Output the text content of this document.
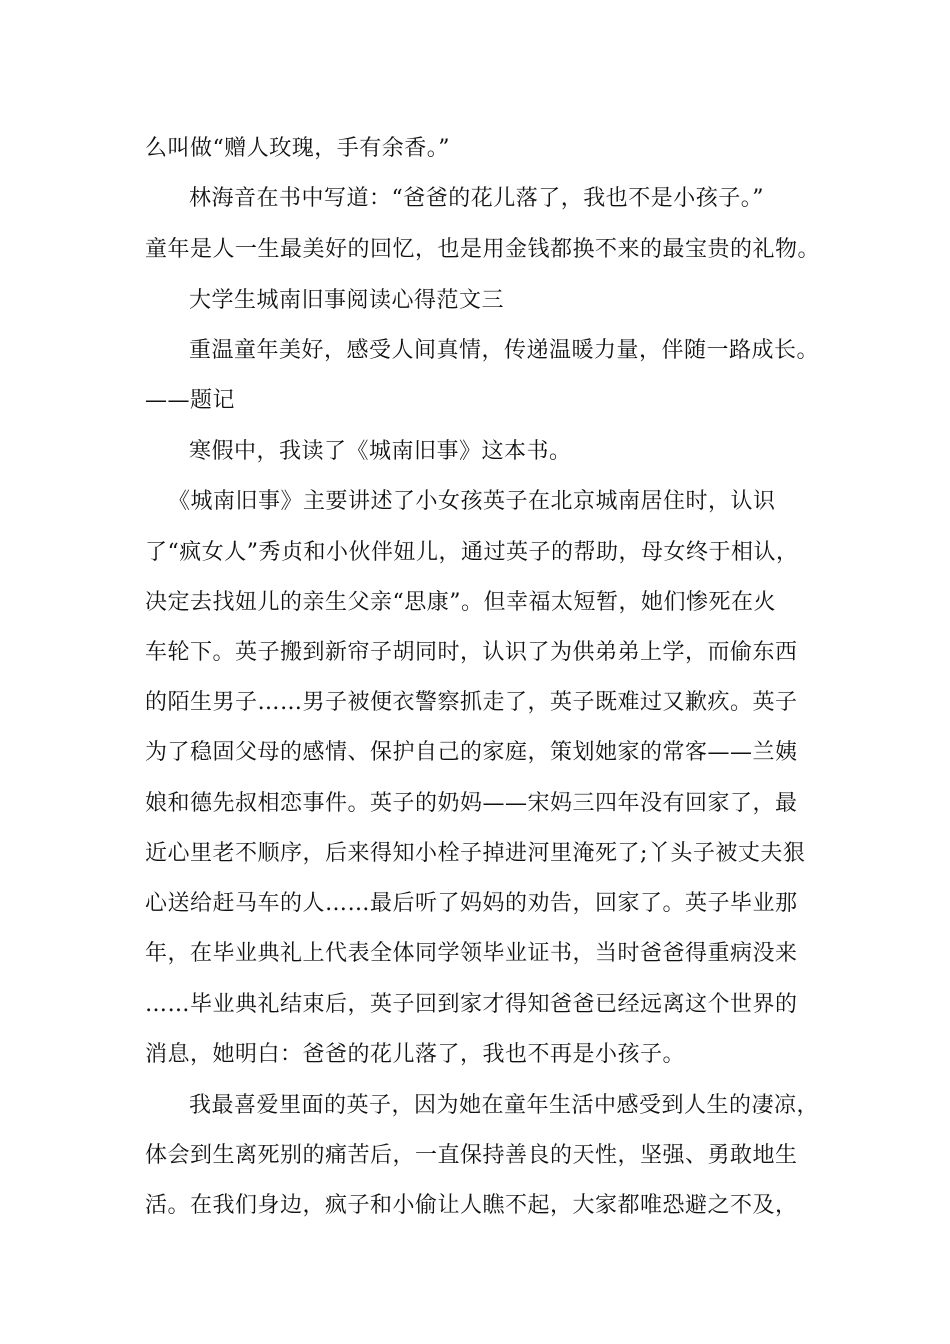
么叫做“赠人玫瑰，手有余香。”
林海音在书中写道：“爸爸的花儿落了，我也不是小孩子。”
童年是人一生最美好的回忆，也是用金钱都换不来的最宝贵的礼物。
大学生城南旧事阅读心得范文三
重温童年美好，感受人间真情，传递温暖力量，伴随一路成长。
——题记
寒假中，我读了《城南旧事》这本书。
《城南旧事》主要讲述了小女孩英子在北京城南居住时，认识
了“疯女人”秀贞和小伙伴妞儿，通过英子的帮助，母女终于相认，
决定去找妞儿的亲生父亲“思康”。但幸福太短暂，她们惨死在火
车轮下。英子搬到新帘子胡同时，认识了为供弟弟上学，而偷东西
的陌生男子……男子被便衣警察抓走了，英子既难过又歉疚。英子
为了稳固父母的感情、保护自己的家庭，策划她家的常客——兰姨
娘和德先叔相恋事件。英子的奶妈——宋妈三四年没有回家了，最
近心里老不顺序，后来得知小栓子掉进河里淹死了;丫头子被丈夫狠
心送给赶马车的人……最后听了妈妈的劝告，回家了。英子毕业那
年，在毕业典礼上代表全体同学领毕业证书，当时爸爸得重病没来
……毕业典礼结束后，英子回到家才得知爸爸已经远离这个世界的
消息，她明白：爸爸的花儿落了，我也不再是小孩子。
我最喜爱里面的英子，因为她在童年生活中感受到人生的凄凉，
体会到生离死别的痛苦后，一直保持善良的天性，坚强、勇敢地生
活。在我们身边，疯子和小偷让人瞧不起，大家都唯恐避之不及，
